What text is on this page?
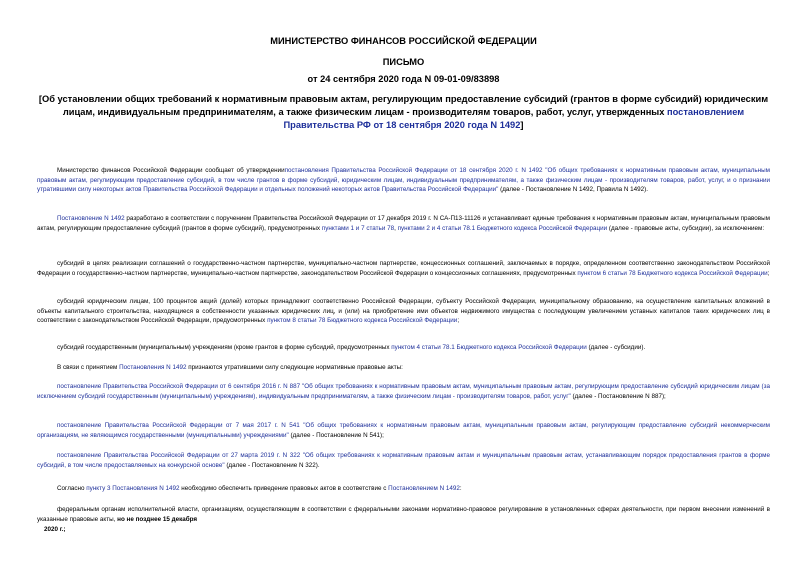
МИНИСТЕРСТВО ФИНАНСОВ РОССИЙСКОЙ ФЕДЕРАЦИИ
ПИСЬМО
от 24 сентября 2020 года N 09-01-09/83898
[Об установлении общих требований к нормативным правовым актам, регулирующим предоставление субсидий (грантов в форме субсидий) юридическим лицам, индивидуальным предпринимателям, а также физическим лицам - производителям товаров, работ, услуг, утвержденных постановлением Правительства РФ от 18 сентября 2020 года N 1492]
Министерство финансов Российской Федерации сообщает об утверждениипостановления Правительства Российской Федерации от 18 сентября 2020 г. N 1492 "Об общих требованиях к нормативным правовым актам, муниципальным правовым актам, регулирующим предоставление субсидий, в том числе грантов в форме субсидий, юридическим лицам, индивидуальным предпринимателям, а также физическим лицам - производителям товаров, работ, услуг, и о признании утратившими силу некоторых актов Правительства Российской Федерации и отдельных положений некоторых актов Правительства Российской Федерации" (далее - Постановление N 1492, Правила N 1492).
Постановление N 1492 разработано в соответствии с поручением Правительства Российской Федерации от 17 декабря 2019 г. N СА-П13-11126 и устанавливает единые требования к нормативным правовым актам, муниципальным правовым актам, регулирующим предоставление субсидий (грантов в форме субсидий), предусмотренных пунктами 1 и 7 статьи 78, пунктами 2 и 4 статьи 78.1 Бюджетного кодекса Российской Федерации (далее - правовые акты, субсидии), за исключением:
субсидий в целях реализации соглашений о государственно-частном партнерстве, муниципально-частном партнерстве, концессионных соглашений, заключаемых в порядке, определенном соответственно законодательством Российской Федерации о государственно-частном партнерстве, муниципально-частном партнерстве, законодательством Российской Федерации о концессионных соглашениях, предусмотренных пунктом 6 статьи 78 Бюджетного кодекса Российской Федерации;
субсидий юридическим лицам, 100 процентов акций (долей) которых принадлежит соответственно Российской Федерации, субъекту Российской Федерации, муниципальному образованию, на осуществление капитальных вложений в объекты капитального строительства, находящиеся в собственности указанных юридических лиц, и (или) на приобретение ими объектов недвижимого имущества с последующим увеличением уставных капиталов таких юридических лиц в соответствии с законодательством Российской Федерации, предусмотренных пунктом 8 статьи 78 Бюджетного кодекса Российской Федерации;
субсидий государственным (муниципальным) учреждениям (кроме грантов в форме субсидий, предусмотренных пунктом 4 статьи 78.1 Бюджетного кодекса Российской Федерации (далее - субсидии).
В связи с принятием Постановления N 1492 признаются утратившими силу следующие нормативные правовые акты:
постановление Правительства Российской Федерации от 6 сентября 2016 г. N 887 "Об общих требованиях к нормативным правовым актам, муниципальным правовым актам, регулирующим предоставление субсидий юридическим лицам (за исключением субсидий государственным (муниципальным) учреждениям), индивидуальным предпринимателям, а также физическим лицам - производителям товаров, работ, услуг" (далее - Постановление N 887);
постановление Правительства Российской Федерации от 7 мая 2017 г. N 541 "Об общих требованиях к нормативным правовым актам, муниципальным правовым актам, регулирующим предоставление субсидий некоммерческим организациям, не являющимся государственными (муниципальными) учреждениями" (далее - Постановление N 541);
постановление Правительства Российской Федерации от 27 марта 2019 г. N 322 "Об общих требованиях к нормативным правовым актам и муниципальным правовым актам, устанавливающим порядок предоставления грантов в форме субсидий, в том числе предоставляемых на конкурсной основе" (далее - Постановление N 322).
Согласно пункту 3 Постановления N 1492 необходимо обеспечить приведение правовых актов в соответствие с Постановлением N 1492:
федеральным органам исполнительной власти, организациям, осуществляющим в соответствии с федеральными законами нормативно-правовое регулирование в установленных сферах деятельности, при первом внесении изменений в указанные правовые акты, но не позднее 15 декабря
2020 г.;
